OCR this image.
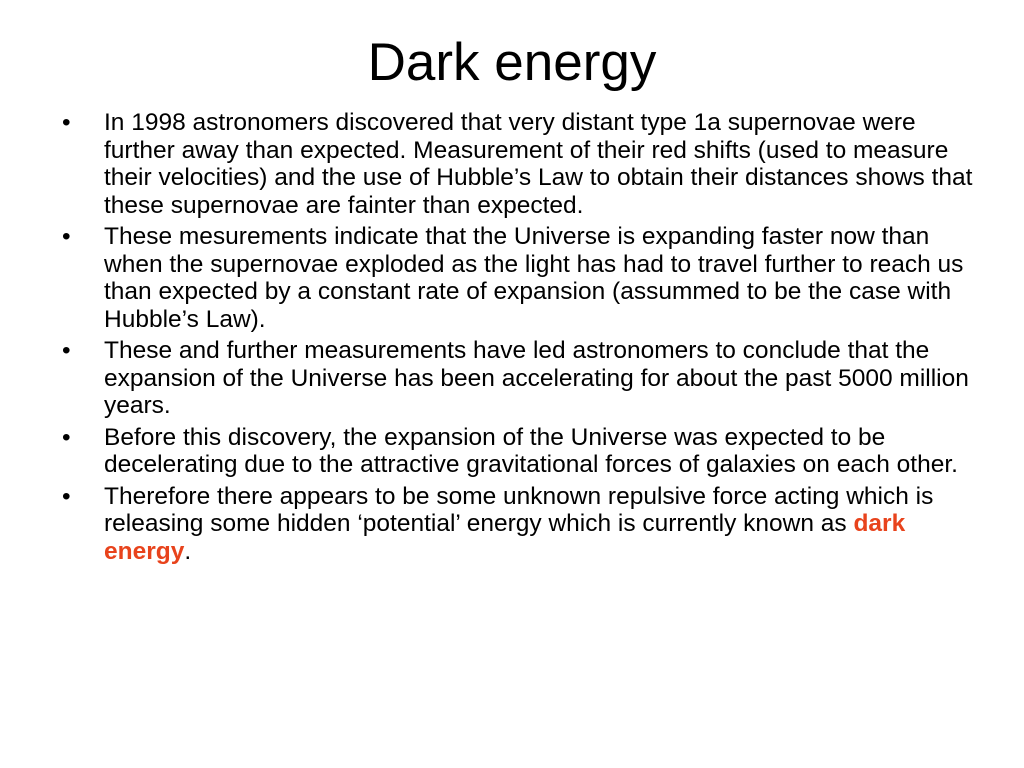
Dark energy
• In 1998 astronomers discovered that very distant type 1a supernovae were further away than expected. Measurement of their red shifts (used to measure their velocities) and the use of Hubble’s Law to obtain their distances shows that these supernovae are fainter than expected.
• These mesurements indicate that the Universe is expanding faster now than when the supernovae exploded as the light has had to travel further to reach us than expected by a constant rate of expansion (assummed to be the case with Hubble’s Law).
• These and further measurements have led astronomers to conclude that the expansion of the Universe has been accelerating for about the past 5000 million years.
• Before this discovery, the expansion of the Universe was expected to be decelerating due to the attractive gravitational forces of galaxies on each other.
• Therefore there appears to be some unknown repulsive force acting which is releasing some hidden ‘potential’ energy which is currently known as dark energy.
